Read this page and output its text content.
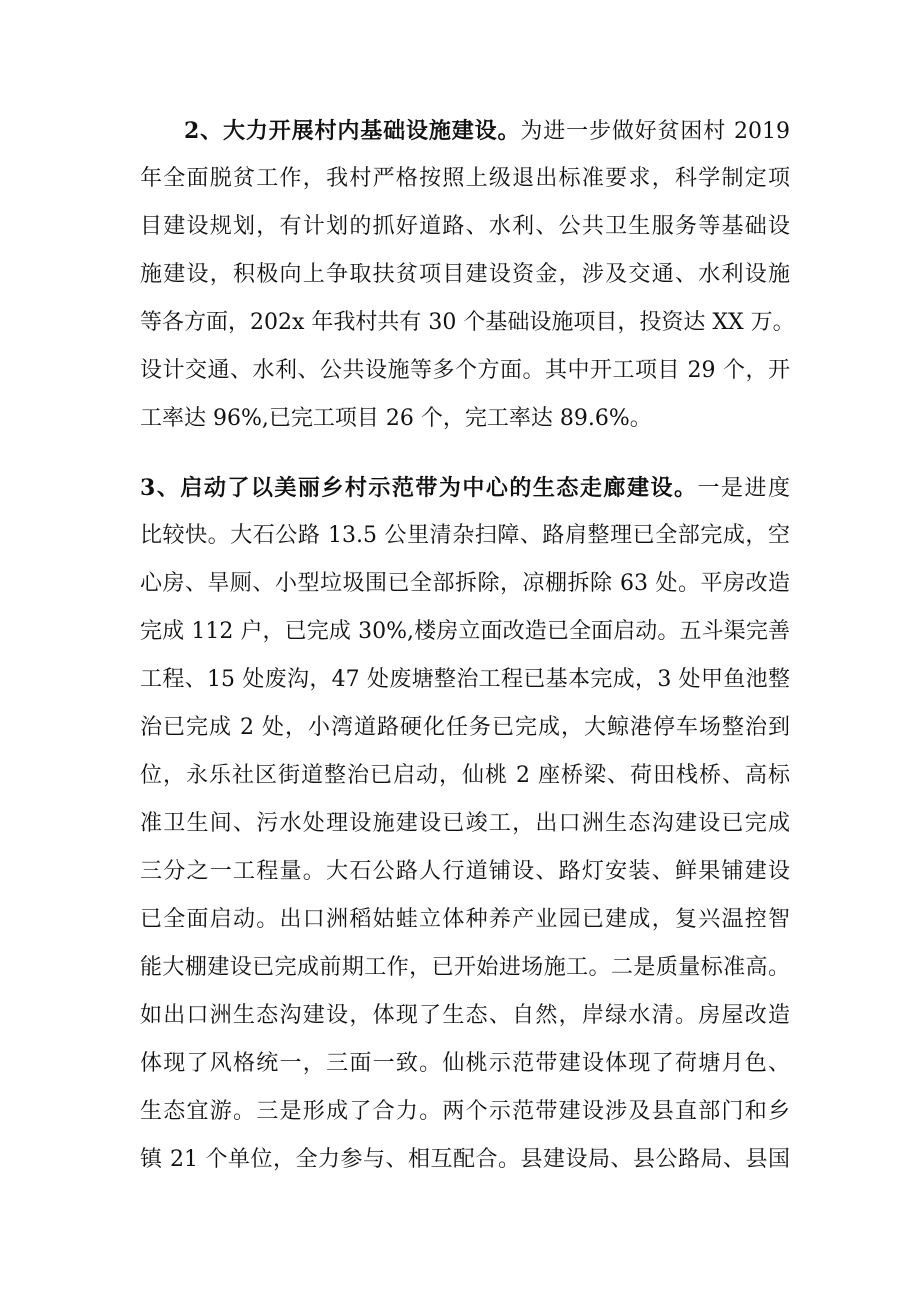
2、大力开展村内基础设施建设。为进一步做好贫困村 2019
年全面脱贫工作，我村严格按照上级退出标准要求，科学制定项
目建设规划，有计划的抓好道路、水利、公共卫生服务等基础设
施建设，积极向上争取扶贫项目建设资金，涉及交通、水利设施
等各方面，202x 年我村共有 30 个基础设施项目，投资达 XX 万。
设计交通、水利、公共设施等多个方面。其中开工项目 29 个，开
工率达 96%,已完工项目 26 个，完工率达 89.6%。
3、启动了以美丽乡村示范带为中心的生态走廊建设。一是进度
比较快。大石公路 13.5 公里清杂扫障、路肩整理已全部完成，空
心房、旱厕、小型垃圾围已全部拆除，凉棚拆除 63 处。平房改造
完成 112 户，已完成 30%,楼房立面改造已全面启动。五斗渠完善
工程、15 处废沟，47 处废塘整治工程已基本完成，3 处甲鱼池整
治已完成 2 处，小湾道路硬化任务已完成，大鲸港停车场整治到
位，永乐社区街道整治已启动，仙桃 2 座桥梁、荷田栈桥、高标
准卫生间、污水处理设施建设已竣工，出口洲生态沟建设已完成
三分之一工程量。大石公路人行道铺设、路灯安装、鲜果铺建设
已全面启动。出口洲稻姑蛙立体种养产业园已建成，复兴温控智
能大棚建设已完成前期工作，已开始进场施工。二是质量标准高。
如出口洲生态沟建设，体现了生态、自然，岸绿水清。房屋改造
体现了风格统一，三面一致。仙桃示范带建设体现了荷塘月色、
生态宜游。三是形成了合力。两个示范带建设涉及县直部门和乡
镇 21 个单位，全力参与、相互配合。县建设局、县公路局、县国
